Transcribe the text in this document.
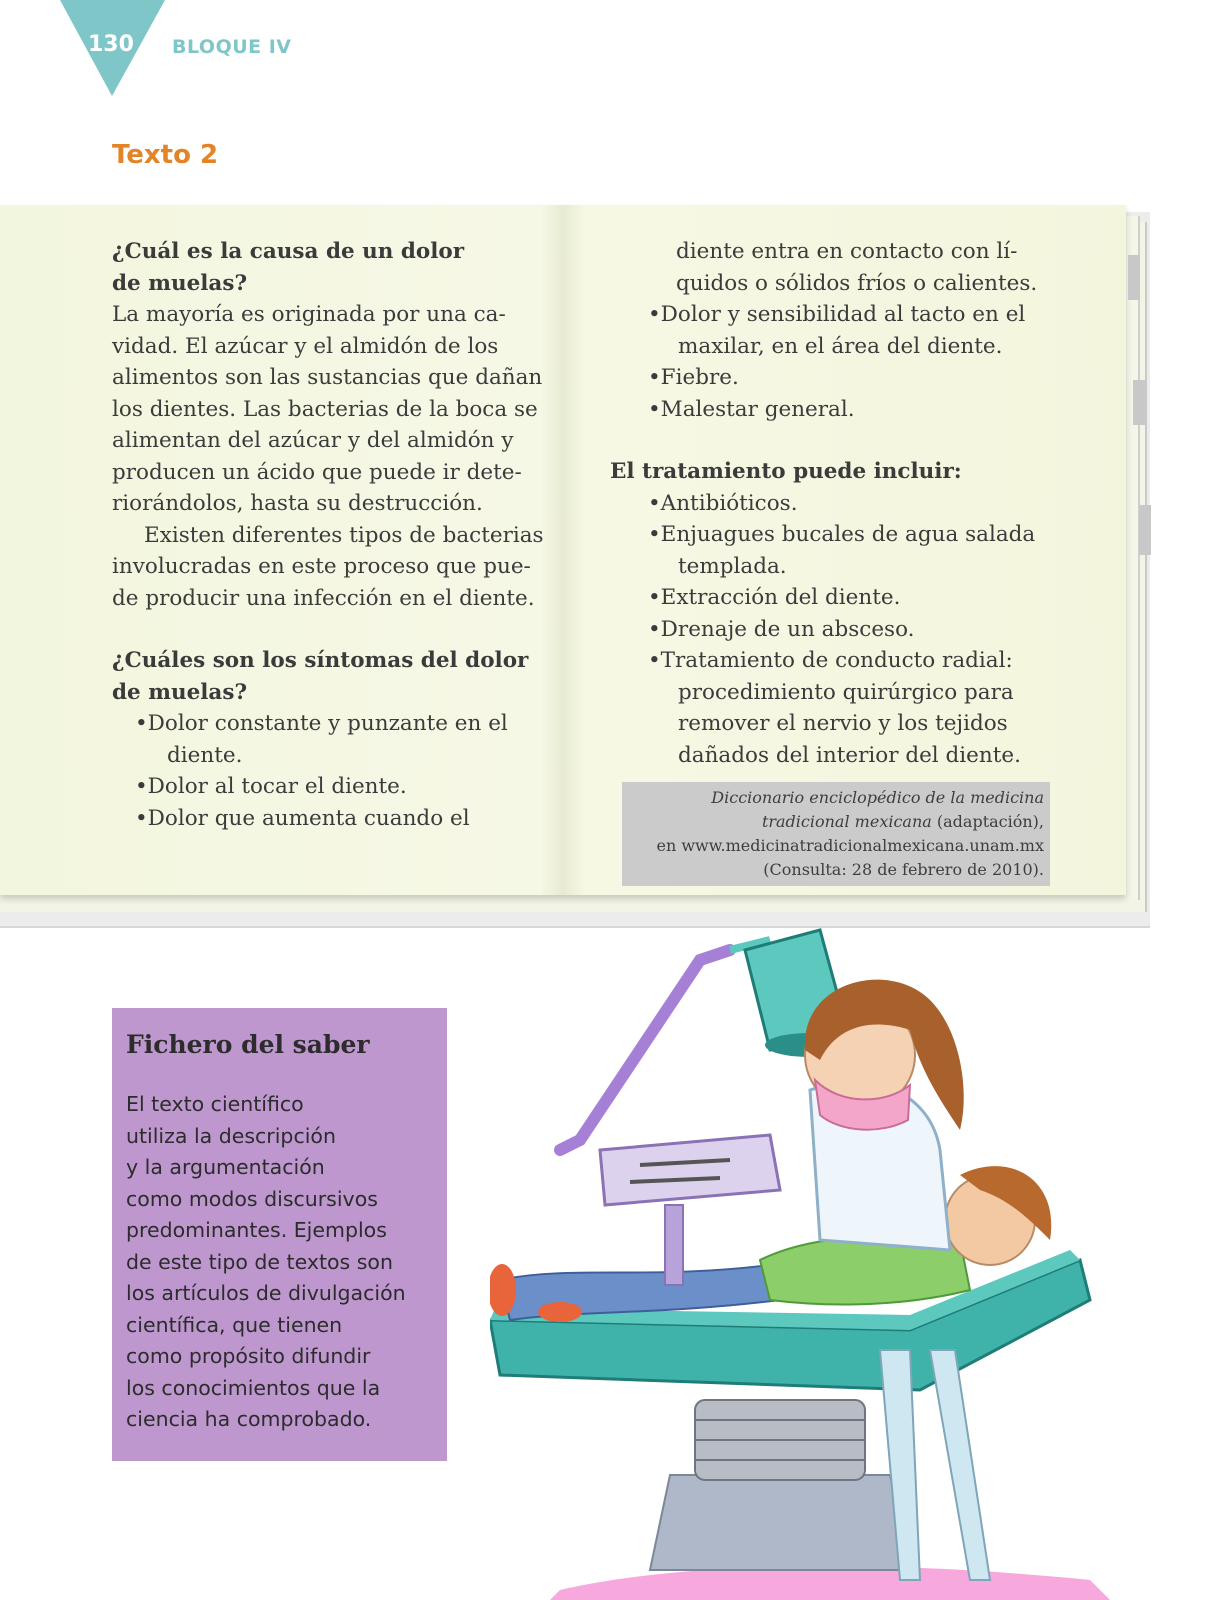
130 BLOQUE IV
Texto 2

¿Cuál es la causa de un dolor
de muelas?

La mayoría es originada por una ca-
vidad. El azúcar y el almidón de los
alimentos son las sustancias que dañan
los dientes. Las bacterias de la boca se
alimentan del azúcar y del almidón y
producen un ácido que puede ir dete-
riorándolos, hasta su destrucción.

Existen diferentes tipos de bacterias
involucradas en este proceso que pue-
de producir una infección en el diente.

¿Cuáles son los síntomas del dolor
de muelas?

•Dolor constante y punzante en el
diente.

•Dolor al tocar el diente.

•Dolor que aumenta cuando el

diente entra en contacto con lí-
quidos o sólidos fríos o calientes.

•Dolor y sensibilidad al tacto en el
maxilar, en el área del diente.

•Fiebre.

•Malestar general.

El tratamiento puede incluir:

•Antibióticos.

•Enjuagues bucales de agua salada
templada.

•Extracción del diente.

•Drenaje de un absceso.

•Tratamiento de conducto radial:
procedimiento quirúrgico para
remover el nervio y los tejidos
dañados del interior del diente.

Diccionario enciclopédico de la medicina
tradicional mexicana (adaptación),
en www.medicinatradicionalmexicana.unam.mx
(Consulta: 28 de febrero de 2010).
Fichero del saber

El texto científico
utiliza la descripción
y la argumentación
como modos discursivos
predominantes. Ejemplos
de este tipo de textos son
los artículos de divulgación
científica, que tienen
como propósito difundir
los conocimientos que la
ciencia ha comprobado.
